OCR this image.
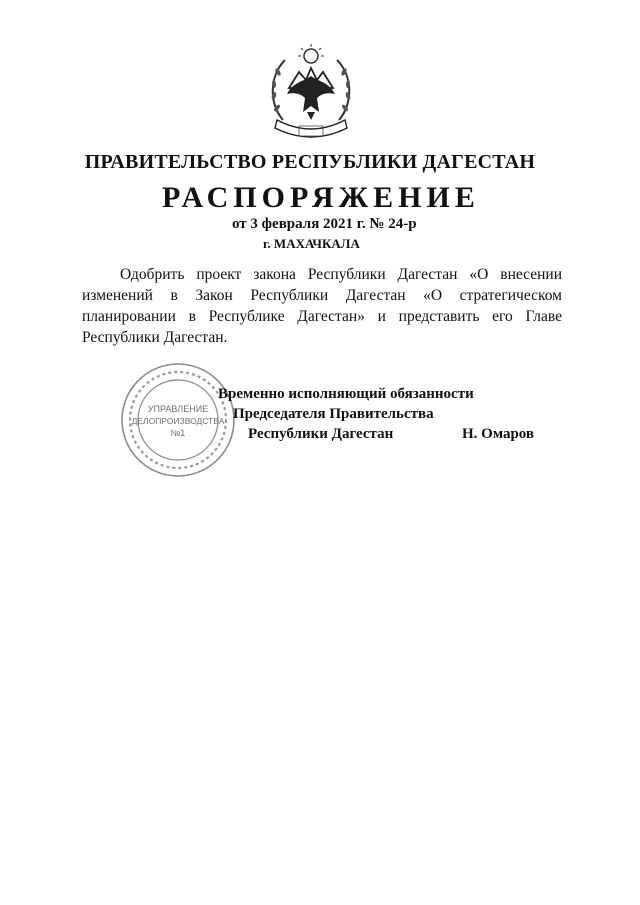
ПРАВИТЕЛЬСТВО РЕСПУБЛИКИ ДАГЕСТАН
РАСПОРЯЖЕНИЕ
от 3 февраля 2021 г. № 24-р
г. МАХАЧКАЛА

Одобрить проект закона Республики Дагестан «О внесении изменений в Закон Республики Дагестан «О стратегическом планировании в Республике Дагестан» и представить его Главе Республики Дагестан.

УПРАВЛЕНИЕ
ДЕЛОПРОИЗВОДСТВА
№1
Временно исполняющий обязанности
Председателя Правительства
Республики Дагестан	Н. Омаров
